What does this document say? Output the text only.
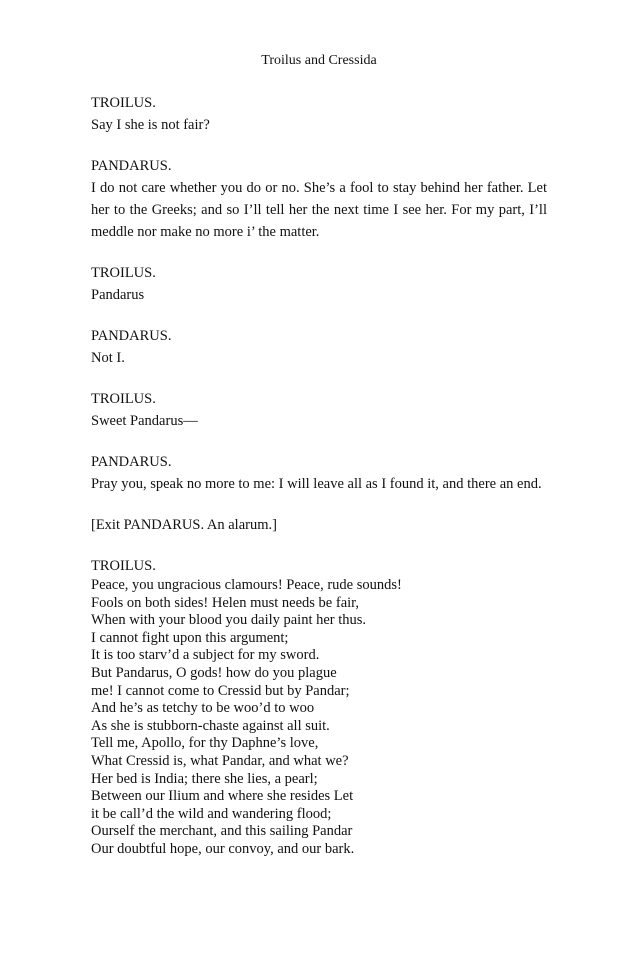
Troilus and Cressida
TROILUS.
Say I she is not fair?
PANDARUS.
I do not care whether you do or no. She’s a fool to stay behind her father. Let her to the Greeks; and so I’ll tell her the next time I see her. For my part, I’ll meddle nor make no more i’ the matter.
TROILUS.
Pandarus
PANDARUS.
Not I.
TROILUS.
Sweet Pandarus—
PANDARUS.
Pray you, speak no more to me: I will leave all as I found it, and there an end.
[Exit PANDARUS. An alarum.]
TROILUS.
Peace, you ungracious clamours! Peace, rude sounds!
Fools on both sides! Helen must needs be fair,
When with your blood you daily paint her thus.
I cannot fight upon this argument;
It is too starv’d a subject for my sword.
But Pandarus, O gods! how do you plague
me! I cannot come to Cressid but by Pandar;
And he’s as tetchy to be woo’d to woo
As she is stubborn-chaste against all suit.
Tell me, Apollo, for thy Daphne’s love,
What Cressid is, what Pandar, and what we?
Her bed is India; there she lies, a pearl;
Between our Ilium and where she resides Let
it be call’d the wild and wandering flood;
Ourself the merchant, and this sailing Pandar
Our doubtful hope, our convoy, and our bark.
